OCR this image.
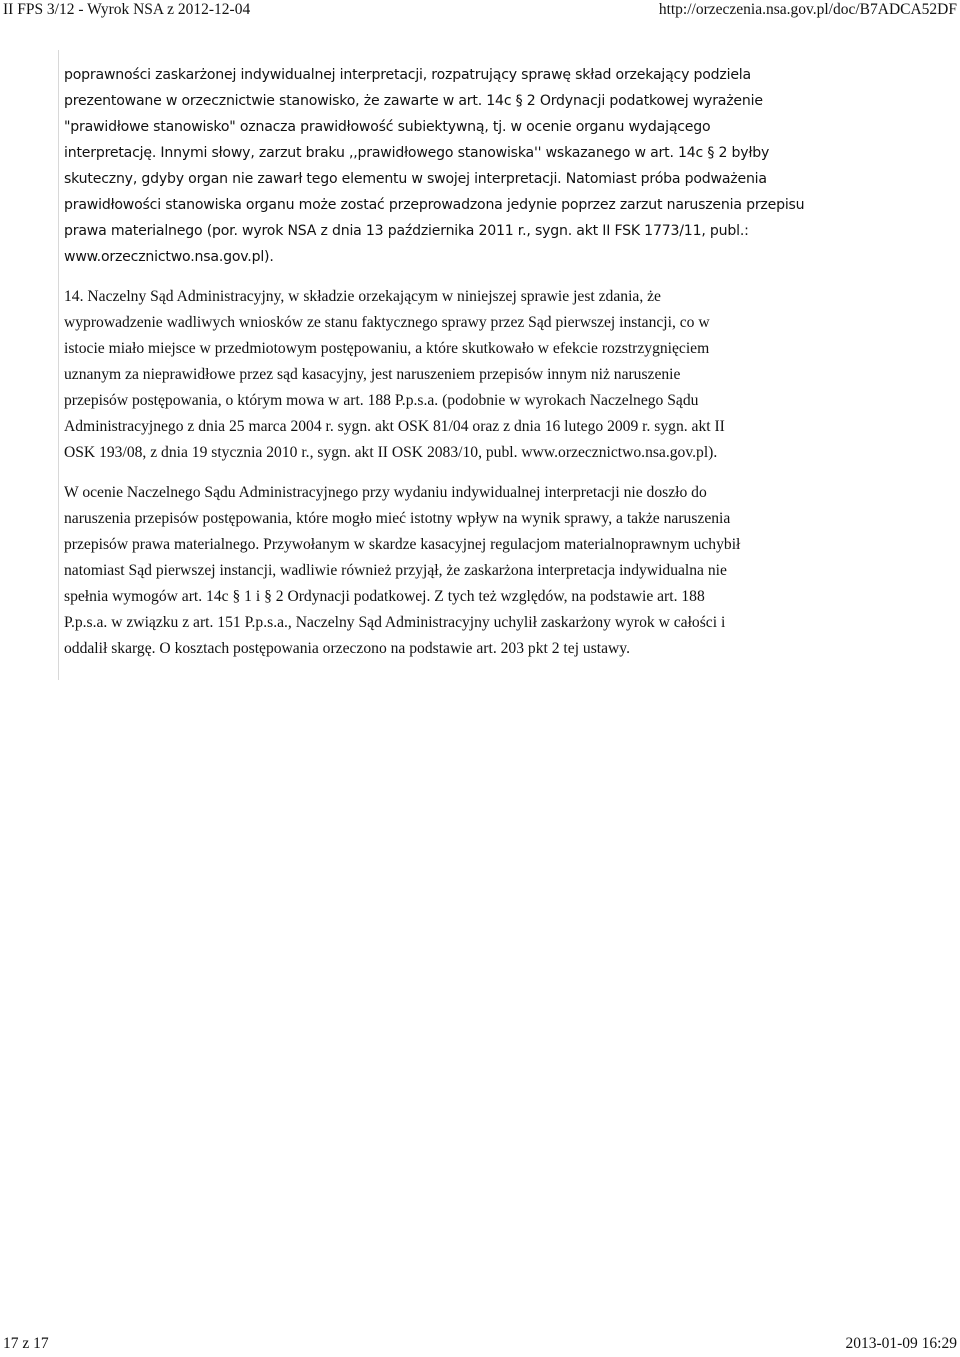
II FPS 3/12 - Wyrok NSA z 2012-12-04	http://orzeczenia.nsa.gov.pl/doc/B7ADCA52DF
poprawności zaskarżonej indywidualnej interpretacji, rozpatrujący sprawę skład orzekający podziela
prezentowane w orzecznictwie stanowisko, że zawarte w art. 14c § 2 Ordynacji podatkowej wyrażenie
"prawidłowe stanowisko" oznacza prawidłowość subiektywną, tj. w ocenie organu wydającego
interpretację. Innymi słowy, zarzut braku ,,prawidłowego stanowiska'' wskazanego w art. 14c § 2 byłby
skuteczny, gdyby organ nie zawarł tego elementu w swojej interpretacji. Natomiast próba podważenia
prawidłowości stanowiska organu może zostać przeprowadzona jedynie poprzez zarzut naruszenia przepisu
prawa materialnego (por. wyrok NSA z dnia 13 października 2011 r., sygn. akt II FSK 1773/11, publ.:
www.orzecznictwo.nsa.gov.pl).
14. Naczelny Sąd Administracyjny, w składzie orzekającym w niniejszej sprawie jest zdania, że
wyprowadzenie wadliwych wniosków ze stanu faktycznego sprawy przez Sąd pierwszej instancji, co w
istocie miało miejsce w przedmiotowym postępowaniu, a które skutkowało w efekcie rozstrzygnięciem
uznanym za nieprawidłowe przez sąd kasacyjny, jest naruszeniem przepisów innym niż naruszenie
przepisów postępowania, o którym mowa w art. 188 P.p.s.a. (podobnie w wyrokach Naczelnego Sądu
Administracyjnego z dnia 25 marca 2004 r. sygn. akt OSK 81/04 oraz z dnia 16 lutego 2009 r. sygn. akt II
OSK 193/08, z dnia 19 stycznia 2010 r., sygn. akt II OSK 2083/10, publ. www.orzecznictwo.nsa.gov.pl).
W ocenie Naczelnego Sądu Administracyjnego przy wydaniu indywidualnej interpretacji nie doszło do
naruszenia przepisów postępowania, które mogło mieć istotny wpływ na wynik sprawy, a także naruszenia
przepisów prawa materialnego. Przywołanym w skardze kasacyjnej regulacjom materialnoprawnym uchybił
natomiast Sąd pierwszej instancji, wadliwie również przyjął, że zaskarżona interpretacja indywidualna nie
spełnia wymogów art. 14c § 1 i § 2 Ordynacji podatkowej. Z tych też względów, na podstawie art. 188
P.p.s.a. w związku z art. 151 P.p.s.a., Naczelny Sąd Administracyjny uchylił zaskarżony wyrok w całości i
oddalił skargę. O kosztach postępowania orzeczono na podstawie art. 203 pkt 2 tej ustawy.
17 z 17	2013-01-09 16:29
